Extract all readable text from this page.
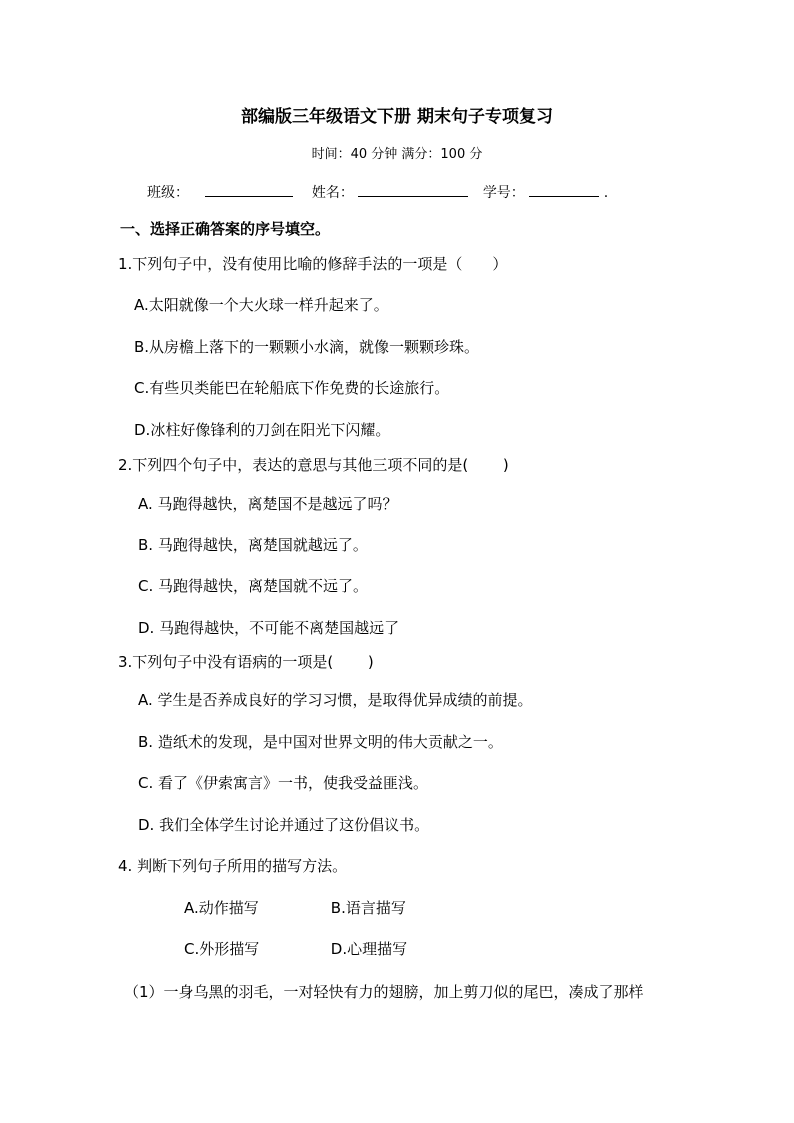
部编版三年级语文下册 期末句子专项复习
时间：40 分钟 满分：100 分
班级：	姓名：	学号：	.
一、选择正确答案的序号填空。
1.下列句子中，没有使用比喻的修辞手法的一项是（　　）
A.太阳就像一个大火球一样升起来了。
B.从房檐上落下的一颗颗小水滴，就像一颗颗珍珠。
C.有些贝类能巴在轮船底下作免费的长途旅行。
D.冰柱好像锋利的刀剑在阳光下闪耀。
2.下列四个句子中，表达的意思与其他三项不同的是(　　 )
A. 马跑得越快，离楚国不是越远了吗？
B. 马跑得越快，离楚国就越远了。
C. 马跑得越快，离楚国就不远了。
D. 马跑得越快，不可能不离楚国越远了
3.下列句子中没有语病的一项是(　　 )
A. 学生是否养成良好的学习习惯，是取得优异成绩的前提。
B. 造纸术的发现，是中国对世界文明的伟大贡献之一。
C. 看了《伊索寓言》一书，使我受益匪浅。
D. 我们全体学生讨论并通过了这份倡议书。
4. 判断下列句子所用的描写方法。
A.动作描写	B.语言描写
C.外形描写	D.心理描写
（1）一身乌黑的羽毛，一对轻快有力的翅膀，加上剪刀似的尾巴，凑成了那样
